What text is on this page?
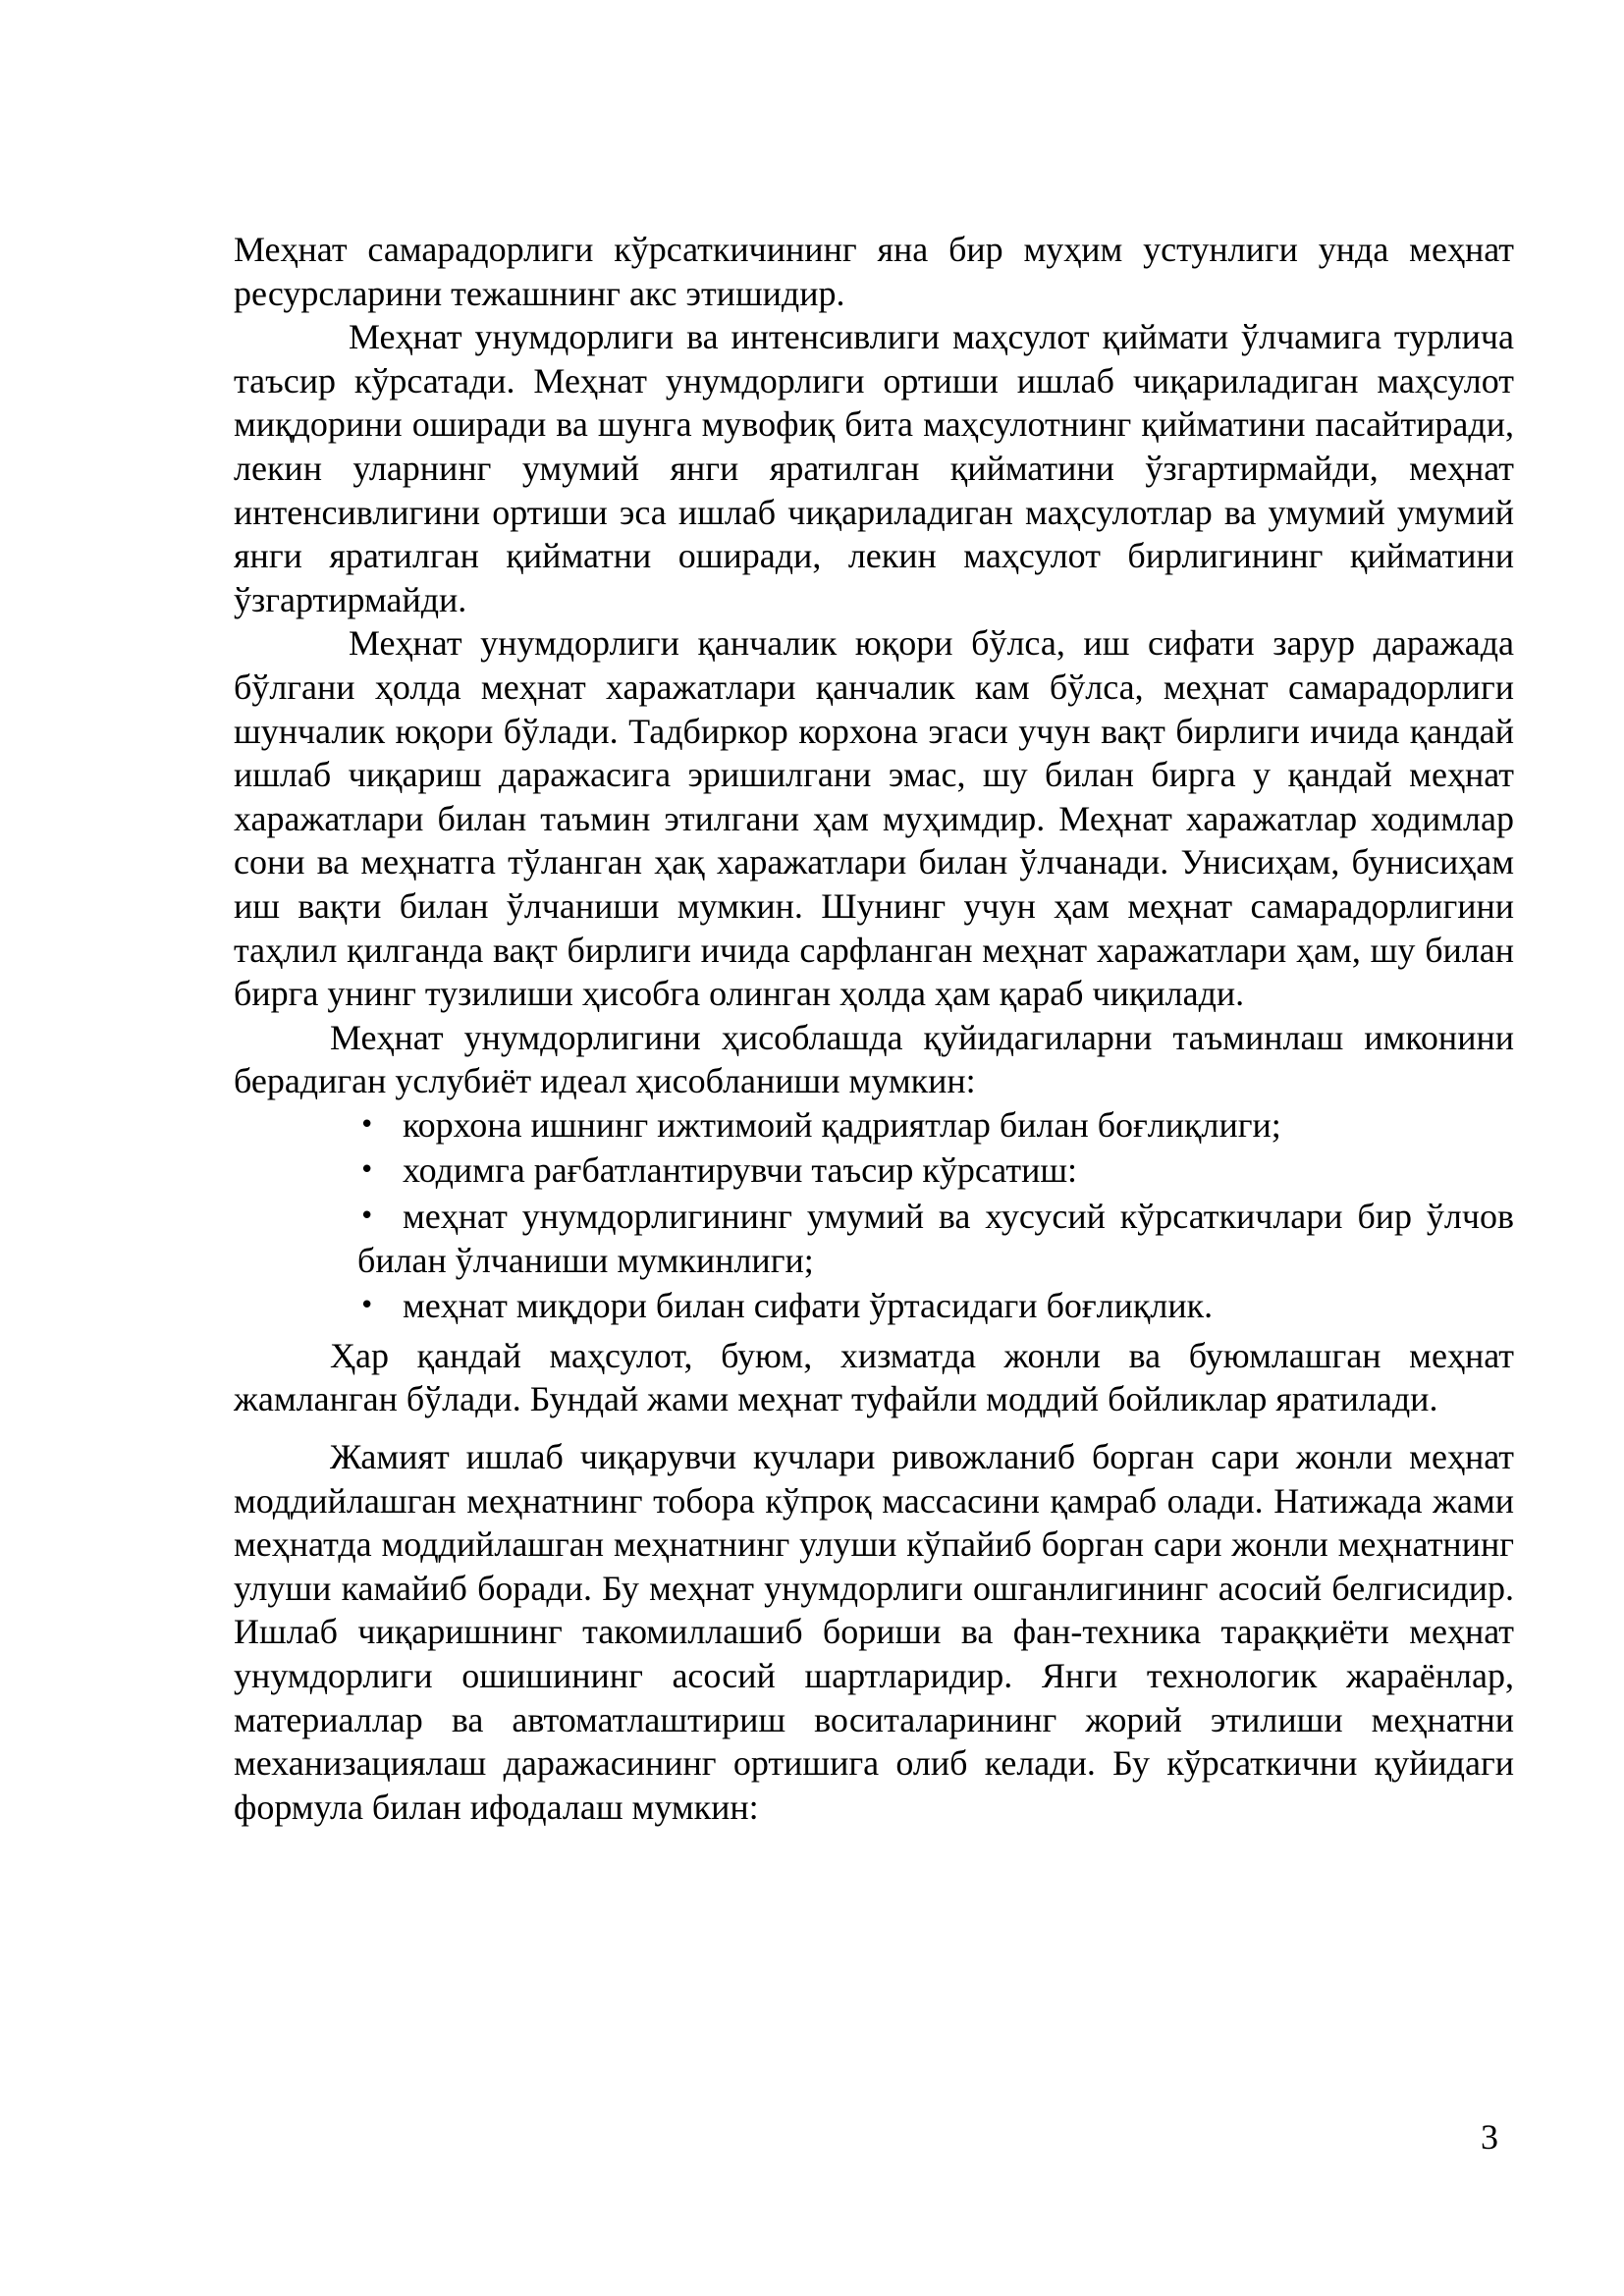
Меҳнат самарадорлиги кўрсаткичининг яна бир муҳим устунлиги унда меҳнат ресурсларини тежашнинг акс этишидир.

Меҳнат унумдорлиги ва интенсивлиги маҳсулот қиймати ўлчамига турлича таъсир кўрсатади. Меҳнат унумдорлиги ортиши ишлаб чиқариладиган маҳсулот миқдорини оширади ва шунга мувофиқ бита маҳсулотнинг қийматини пасайтиради, лекин уларнинг умумий янги яратилган қийматини ўзгартирмайди, меҳнат интенсивлигини ортиши эса ишлаб чиқариладиган маҳсулотлар ва умумий умумий янги яратилган қийматни оширади, лекин маҳсулот бирлигининг қийматини ўзгартирмайди.

Меҳнат унумдорлиги қанчалик юқори бўлса, иш сифати зарур даражада бўлгани ҳолда меҳнат харажатлари қанчалик кам бўлса, меҳнат самарадорлиги шунчалик юқори бўлади. Тадбиркор корхона эгаси учун вақт бирлиги ичида қандай ишлаб чиқариш даражасига эришилгани эмас, шу билан бирга у қандай меҳнат харажатлари билан таъмин этилгани ҳам муҳимдир. Меҳнат харажатлар ходимлар сони ва меҳнатга тўланган ҳақ харажатлари билан ўлчанади. Унисиҳам, бунисиҳам иш вақти билан ўлчаниши мумкин. Шунинг учун ҳам меҳнат самарадорлигини таҳлил қилганда вақт бирлиги ичида сарфланган меҳнат харажатлари ҳам, шу билан бирга унинг тузилиши ҳисобга олинган ҳолда ҳам қараб чиқилади.

Меҳнат унумдорлигини ҳисоблашда қуйидагиларни таъминлаш имконини берадиган услубиёт идеал ҳисобланиши мумкин:

• корхона ишнинг ижтимоий қадриятлар билан боғлиқлиги;
• ходимга рағбатлантирувчи таъсир кўрсатиш:
• меҳнат унумдорлигининг умумий ва хусусий кўрсаткичлари бир ўлчов билан ўлчаниши мумкинлиги;
• меҳнат миқдори билан сифати ўртасидаги боғлиқлик.

Ҳар қандай маҳсулот, буюм, хизматда жонли ва буюмлашган меҳнат жамланган бўлади. Бундай жами меҳнат туфайли моддий бойликлар яратилади.

Жамият ишлаб чиқарувчи кучлари ривожланиб борган сари жонли меҳнат моддийлашган меҳнатнинг тобора кўпроқ массасини қамраб олади. Натижада жами меҳнатда моддийлашган меҳнатнинг улуши кўпайиб борган сари жонли меҳнатнинг улуши камайиб боради. Бу меҳнат унумдорлиги ошганлигининг асосий белгисидир. Ишлаб чиқаришнинг такомиллашиб бориши ва фан-техника тараққиёти меҳнат унумдорлиги ошишининг асосий шартларидир. Янги технологик жараёнлар, материаллар ва автоматлаштириш воситаларининг жорий этилиши меҳнатни механизациялаш даражасининг ортишига олиб келади. Бу кўрсаткични қуйидаги формула билан ифодалаш мумкин:

3
